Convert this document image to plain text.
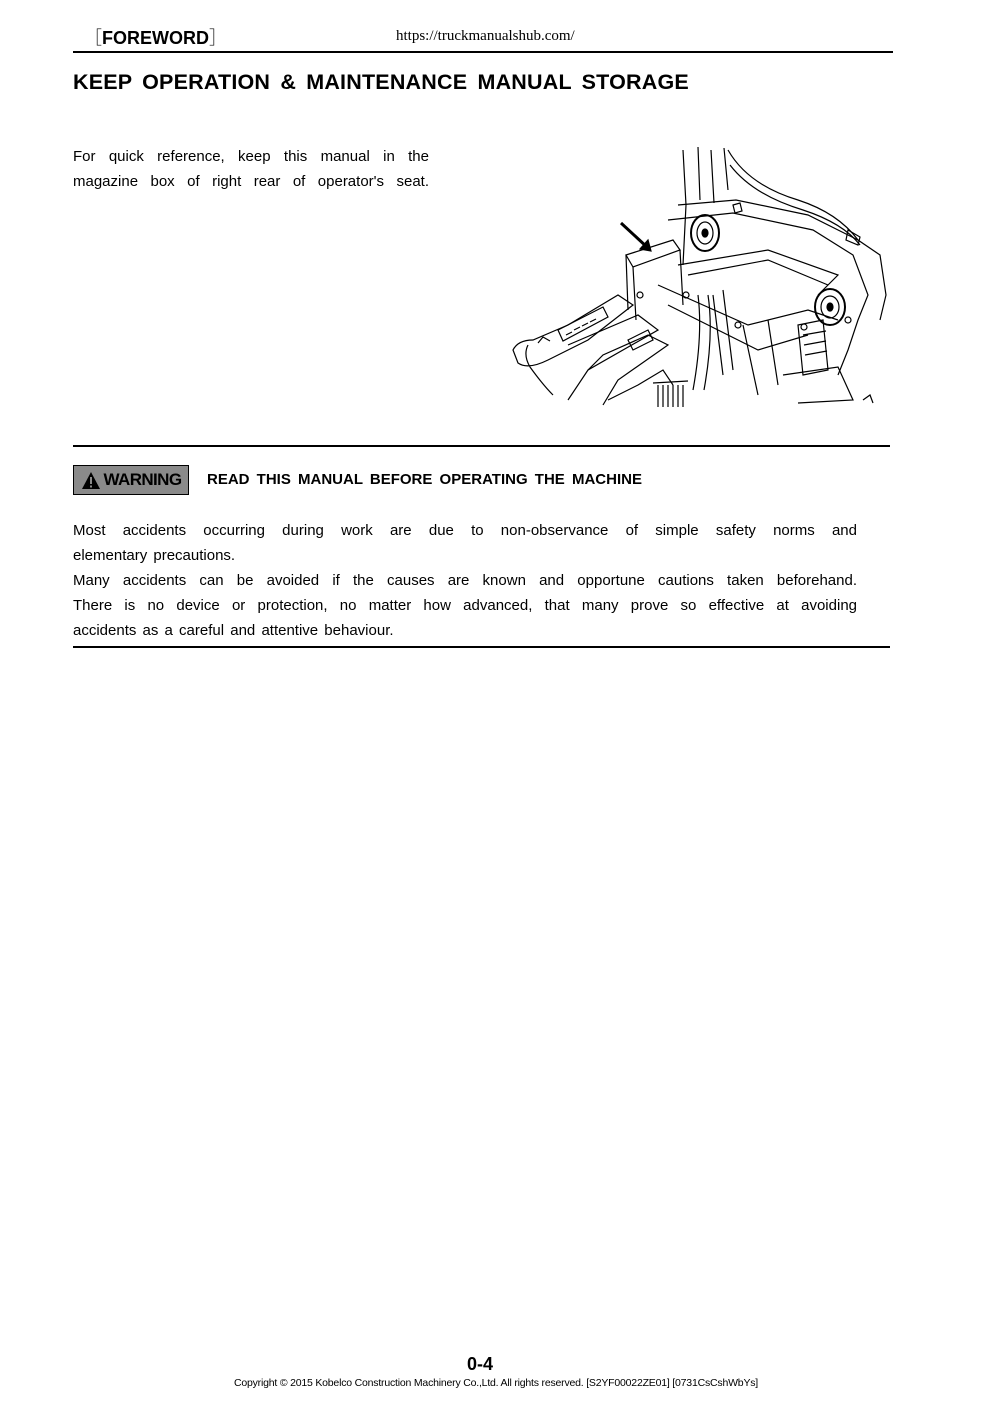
［FOREWORD］	https://truckmanualshub.com/
KEEP OPERATION & MAINTENANCE MANUAL STORAGE

For quick reference, keep this manual in the

magazine box of right rear of operator's seat.

WARNING READ THIS MANUAL BEFORE OPERATING THE MACHINE

Most accidents occurring during work are due to non-observance of simple safety norms and

elementary precautions.

Many accidents can be avoided if the causes are known and opportune cautions taken beforehand.

There is no device or protection, no matter how advanced, that many prove so effective at avoiding

accidents as a careful and attentive behaviour.

0-4
Copyright © 2015 Kobelco Construction Machinery Co.,Ltd. All rights reserved. [S2YF00022ZE01] [0731CsCshWbYs]
